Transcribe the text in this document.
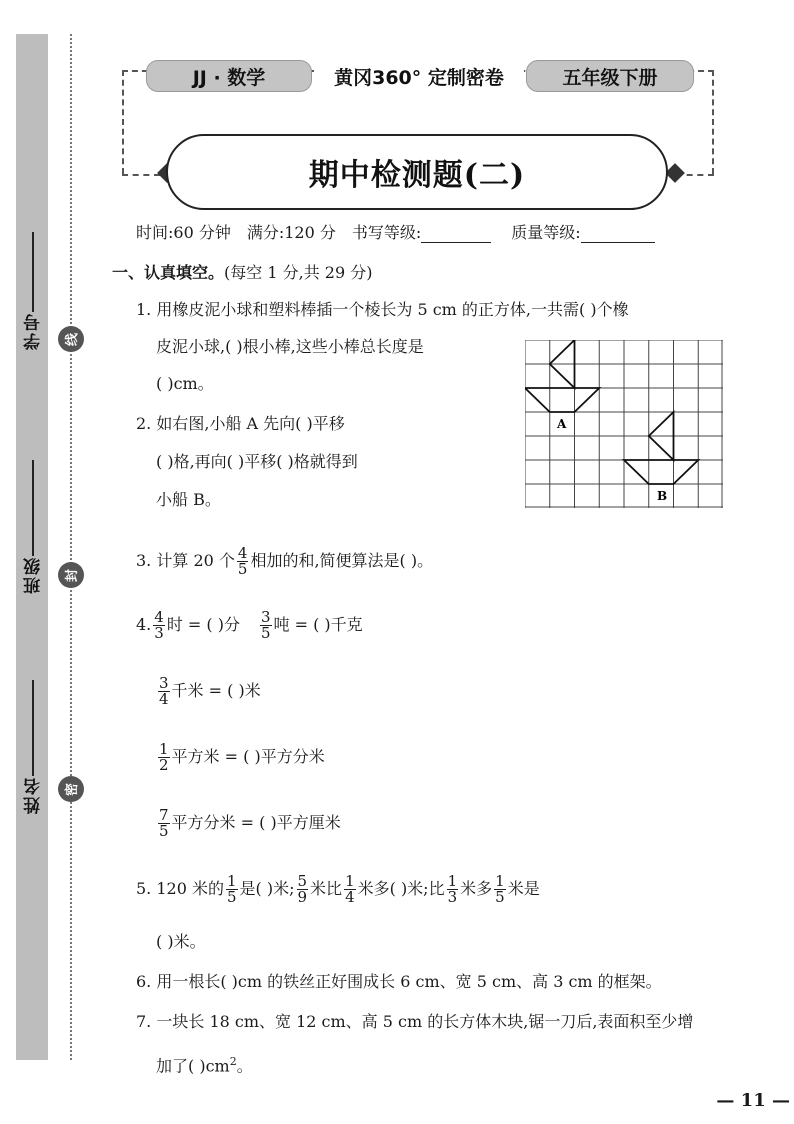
学号
班级
姓名
线
封
密
JJ · 数学	黄冈360° 定制密卷	五年级下册
期中检测题(二)
时间:60 分钟 满分:120 分 书写等级:	质量等级:
一、认真填空。(每空 1 分,共 29 分)
1. 用橡皮泥小球和塑料棒插一个棱长为 5 cm 的正方体,一共需( )个橡
皮泥小球,( )根小棒,这些小棒总长度是
( )cm。
2. 如右图,小船 A 先向( )平移
( )格,再向( )平移( )格就得到
小船 B。
A
B
3. 计算 20 个 $\frac{4}{5}$ 相加的和,简便算法是( )。
4. $\frac{4}{3}$ 时 = ( )分 $\frac{3}{5}$ 吨 = ( )千克
$\frac{3}{4}$ 千米 = ( )米
$\frac{1}{2}$ 平方米 = ( )平方分米
$\frac{7}{5}$ 平方分米 = ( )平方厘米
5. 120 米的 $\frac{1}{5}$ 是( )米; $\frac{5}{9}$ 米比 $\frac{1}{4}$ 米多( )米;比 $\frac{1}{3}$ 米多 $\frac{1}{5}$ 米是
( )米。
6. 用一根长( )cm 的铁丝正好围成长 6 cm、宽 5 cm、高 3 cm 的框架。
7. 一块长 18 cm、宽 12 cm、高 5 cm 的长方体木块,锯一刀后,表面积至少增
加了( )$cm^2$。
— 11 —
